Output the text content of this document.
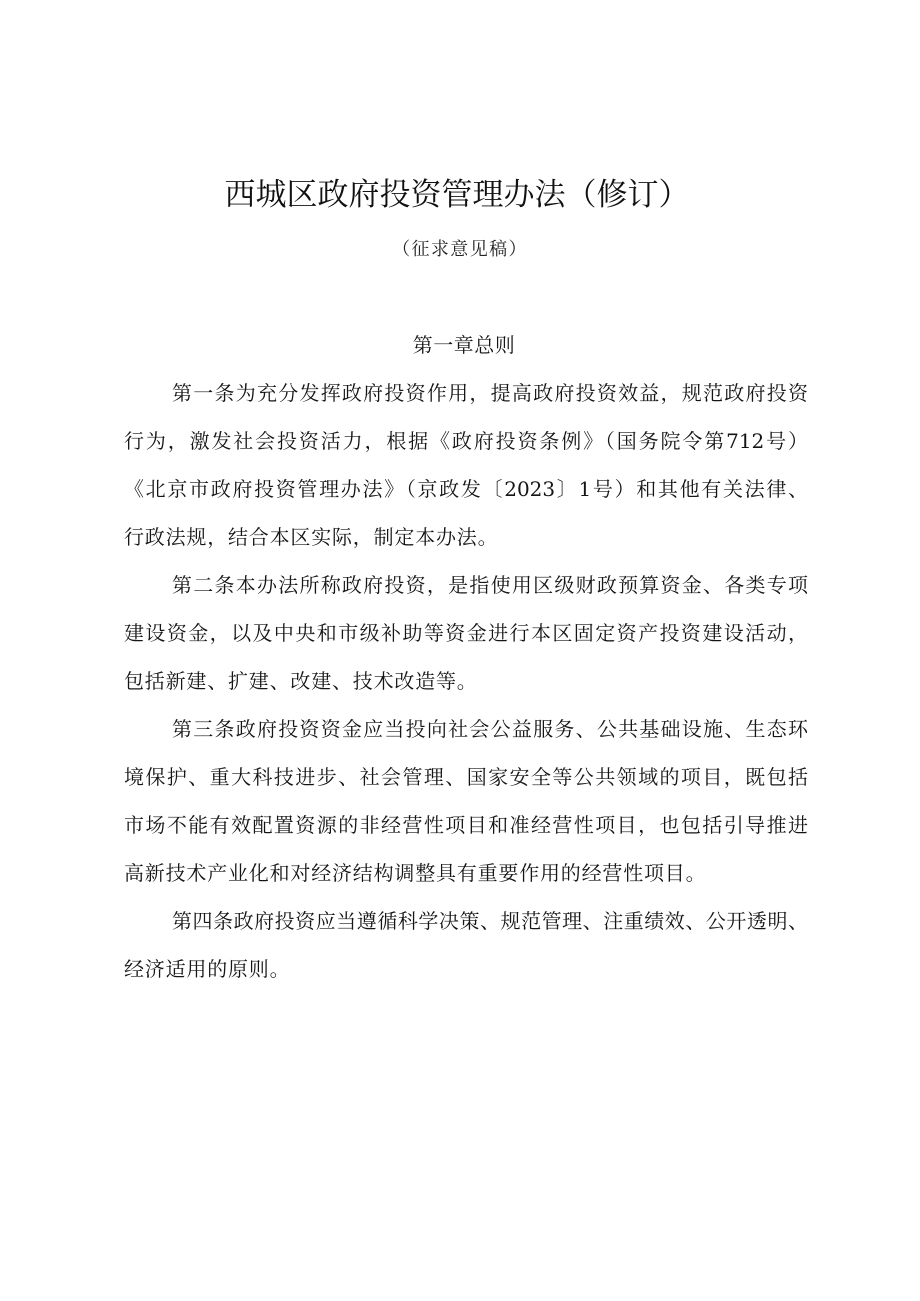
西城区政府投资管理办法（修订）
（征求意见稿）
第一章总则
第一条为充分发挥政府投资作用，提高政府投资效益，规范政府投资
行为，激发社会投资活力，根据《政府投资条例》（国务院令第712号）
《北京市政府投资管理办法》（京政发〔2023〕1号）和其他有关法律、
行政法规，结合本区实际，制定本办法。
第二条本办法所称政府投资，是指使用区级财政预算资金、各类专项
建设资金，以及中央和市级补助等资金进行本区固定资产投资建设活动，
包括新建、扩建、改建、技术改造等。
第三条政府投资资金应当投向社会公益服务、公共基础设施、生态环
境保护、重大科技进步、社会管理、国家安全等公共领域的项目，既包括
市场不能有效配置资源的非经营性项目和准经营性项目，也包括引导推进
高新技术产业化和对经济结构调整具有重要作用的经营性项目。
第四条政府投资应当遵循科学决策、规范管理、注重绩效、公开透明、
经济适用的原则。
